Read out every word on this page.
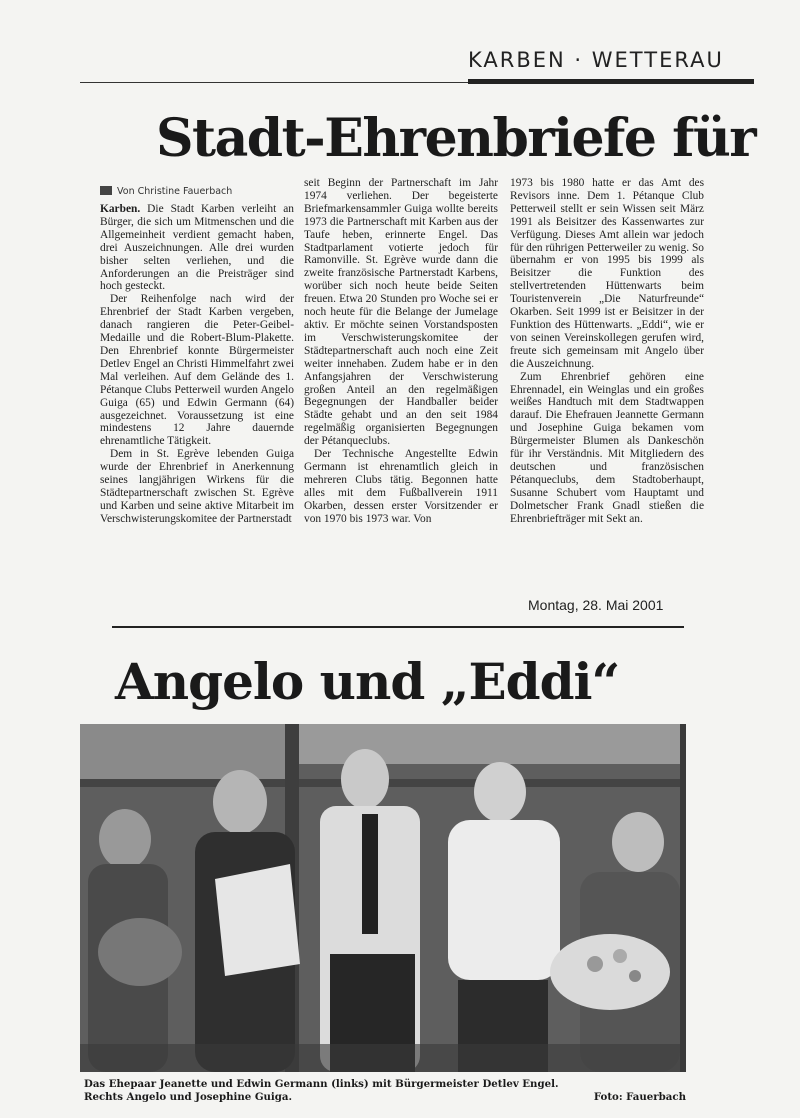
KARBEN · WETTERAU
Stadt-Ehrenbriefe für
Von Christine Fauerbach

Karben. Die Stadt Karben verleiht an Bürger, die sich um Mitmenschen und die Allgemeinheit verdient gemacht haben, drei Auszeichnungen. Alle drei wurden bisher selten verliehen, und die Anforderungen an die Preisträger sind hoch gesteckt.

Der Reihenfolge nach wird der Ehrenbrief der Stadt Karben vergeben, danach rangieren die Peter-Geibel-Medaille und die Robert-Blum-Plakette. Den Ehrenbrief konnte Bürgermeister Detlev Engel an Christi Himmelfahrt zwei Mal verleihen. Auf dem Gelände des 1. Pétanque Clubs Petterweil wurden Angelo Guiga (65) und Edwin Germann (64) ausgezeichnet. Voraussetzung ist eine mindestens 12 Jahre dauernde ehrenamtliche Tätigkeit.

Dem in St. Egrève lebenden Guiga wurde der Ehrenbrief in Anerkennung seines langjährigen Wirkens für die Städtepartnerschaft zwischen St. Egrève und Karben und seine aktive Mitarbeit im Verschwisterungskomitee der Partnerstadt

seit Beginn der Partnerschaft im Jahr 1974 verliehen. Der begeisterte Briefmarkensammler Guiga wollte bereits 1973 die Partnerschaft mit Karben aus der Taufe heben, erinnerte Engel. Das Stadtparlament votierte jedoch für Ramonville. St. Egrève wurde dann die zweite französische Partnerstadt Karbens, worüber sich noch heute beide Seiten freuen. Etwa 20 Stunden pro Woche sei er noch heute für die Belange der Jumelage aktiv. Er möchte seinen Vorstandsposten im Verschwisterungskomitee der Städtepartnerschaft auch noch eine Zeit weiter innehaben. Zudem habe er in den Anfangsjahren der Verschwisterung großen Anteil an den regelmäßigen Begegnungen der Handballer beider Städte gehabt und an den seit 1984 regelmäßig organisierten Begegnungen der Pétanqueclubs.

Der Technische Angestellte Edwin Germann ist ehrenamtlich gleich in mehreren Clubs tätig. Begonnen hatte alles mit dem Fußballverein 1911 Okarben, dessen erster Vorsitzender er von 1970 bis 1973 war. Von

1973 bis 1980 hatte er das Amt des Revisors inne. Dem 1. Pétanque Club Petterweil stellt er sein Wissen seit März 1991 als Beisitzer des Kassenwartes zur Verfügung. Dieses Amt allein war jedoch für den rührigen Petterweiler zu wenig. So übernahm er von 1995 bis 1999 als Beisitzer die Funktion des stellvertretenden Hüttenwarts beim Touristenverein „Die Naturfreunde“ Okarben. Seit 1999 ist er Beisitzer in der Funktion des Hüttenwarts. „Eddi“, wie er von seinen Vereinskollegen gerufen wird, freute sich gemeinsam mit Angelo über die Auszeichnung.

Zum Ehrenbrief gehören eine Ehrennadel, ein Weinglas und ein großes weißes Handtuch mit dem Stadtwappen darauf. Die Ehefrauen Jeannette Germann und Josephine Guiga bekamen vom Bürgermeister Blumen als Dankeschön für ihr Verständnis. Mit Mitgliedern des deutschen und französischen Pétanqueclubs, dem Stadtoberhaupt, Susanne Schubert vom Hauptamt und Dolmetscher Frank Gnadl stießen die Ehrenbriefträger mit Sekt an.

Montag, 28. Mai 2001
Angelo und „Eddi“
Das Ehepaar Jeanette und Edwin Germann (links) mit Bürgermeister Detlev Engel. Rechts Angelo und Josephine Guiga.	Foto: Fauerbach
